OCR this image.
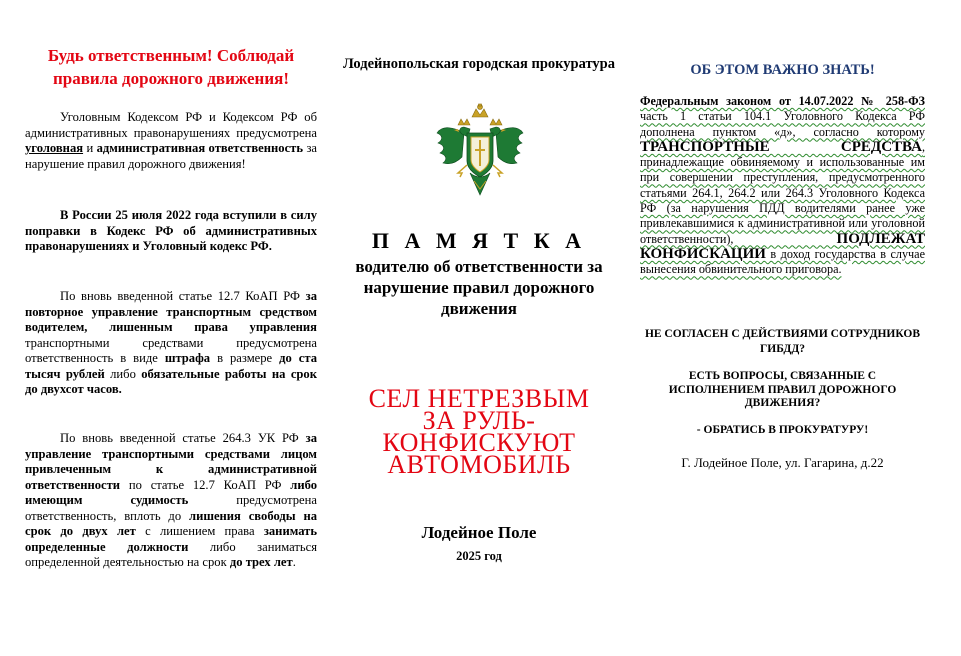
Будь ответственным! Соблюдай правила дорожного движения!

Уголовным Кодексом РФ и Кодексом РФ об административных правонарушениях предусмотрена уголовная и административная ответственность за нарушение правил дорожного движения!

В России 25 июля 2022 года вступили в силу поправки в Кодекс РФ об административных правонарушениях и Уголовный кодекс РФ.

По вновь введенной статье 12.7 КоАП РФ за повторное управление транспортным средством водителем, лишенным права управления транспортными средствами предусмотрена ответственность в виде штрафа в размере до ста тысяч рублей либо обязательные работы на срок до двухсот часов.

По вновь введенной статье 264.3 УК РФ за управление транспортными средствами лицом привлеченным к административной ответственности по статье 12.7 КоАП РФ либо имеющим судимость предусмотрена ответственность, вплоть до лишения свободы на срок до двух лет с лишением права занимать определенные должности либо заниматься определенной деятельностью на срок до трех лет.

Лодейнопольская городская прокуратура
П А М Я Т К А
водителю об ответственности за нарушение правил дорожного движения
СЕЛ НЕТРЕЗВЫМ
ЗА РУЛЬ-
КОНФИСКУЮТ
АВТОМОБИЛЬ
Лодейное Поле
2025 год
ОБ ЭТОМ ВАЖНО ЗНАТЬ!

Федеральным законом от 14.07.2022 № 258-ФЗ часть 1 статьи 104.1 Уголовного Кодекса РФ дополнена пунктом «д», согласно которому ТРАНСПОРТНЫЕ СРЕДСТВА, принадлежащие обвиняемому и использованные им при совершении преступления, предусмотренного статьями 264.1, 264.2 или 264.3 Уголовного Кодекса РФ (за нарушения ПДД водителями ранее уже привлекавшимися к административной или уголовной ответственности), ПОДЛЕЖАТ КОНФИСКАЦИИ в доход государства в случае вынесения обвинительного приговора.

НЕ СОГЛАСЕН С ДЕЙСТВИЯМИ СОТРУДНИКОВ ГИБДД?
ЕСТЬ ВОПРОСЫ, СВЯЗАННЫЕ С ИСПОЛНЕНИЕМ ПРАВИЛ ДОРОЖНОГО ДВИЖЕНИЯ?
- ОБРАТИСЬ В ПРОКУРАТУРУ!
Г. Лодейное Поле, ул. Гагарина, д.22
